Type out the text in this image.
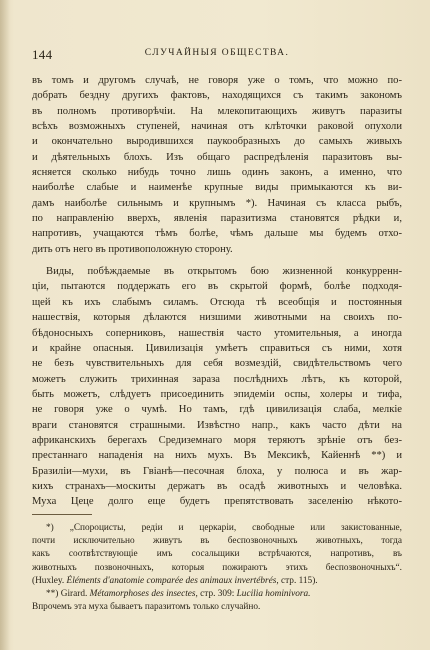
144	СЛУЧАЙНЫЯ ОБЩЕСТВА.
въ томъ и другомъ случаѣ, не говоря уже о томъ, что можно по-
добрать бездну другихъ фактовъ, находящихся съ такимъ закономъ
въ полномъ противорѣчіи. На млекопитающихъ живутъ паразиты
всѣхъ возможныхъ ступеней, начиная отъ клѣточки раковой опухоли
и окончательно выродившихся паукообразныхъ до самыхъ живыхъ
и дѣятельныхъ блохъ. Изъ общаго распредѣленія паразитовъ вы-
ясняется сколько нибудь точно лишь одинъ законъ, а именно, что
наиболѣе слабые и наименѣе крупные виды примыкаются къ ви-
дамъ наиболѣе сильнымъ и крупнымъ *). Начиная съ класса рыбъ,
по направленію вверхъ, явленія паразитизма становятся рѣдки и,
напротивъ, учащаются тѣмъ болѣе, чѣмъ дальше мы будемъ отхо-
дить отъ него въ противоположную сторону.
Виды, побѣждаемые въ открытомъ бою жизненной конкурренн-
ціи, пытаются поддержать его въ скрытой формѣ, болѣе подходя-
щей къ ихъ слабымъ силамъ. Отсюда тѣ всеобщія и постоянныя
нашествія, которыя дѣлаются низшими животными на своихъ по-
бѣдоносныхъ соперниковъ, нашествія часто утомительныя, а иногда
и крайне опасныя. Цивилизація умѣетъ справиться съ ними, хотя
не безъ чувствительныхъ для себя возмездій, свидѣтельствомъ чего
можетъ служить трихинная зараза послѣднихъ лѣтъ, къ которой,
быть можетъ, слѣдуетъ присоединить эпидеміи оспы, холеры и тифа,
не говоря уже о чумѣ. Но тамъ, гдѣ цивилизація слаба, мелкіе
враги становятся страшными. Извѣстно напр., какъ часто дѣти на
африканскихъ берегахъ Средиземнаго моря теряютъ зрѣніе отъ без-
престаннаго нападенія на нихъ мухъ. Въ Мексикѣ, Кайеннѣ **) и
Бразиліи—мухи, въ Гвіанѣ—песочная блоха, у полюса и въ жар-
кихъ странахъ—москиты держатъ въ осадѣ животныхъ и человѣка.
Муха Цеце долго еще будетъ препятствовать заселенію нѣкото-
*) „Спороцисты, редіи и церкаріи, свободные или закистованные,
почти исключительно живутъ въ беспозвоночныхъ животныхъ, тогда
какъ соотвѣтствующіе имъ сосальщики встрѣчаются, напротивъ, въ
животныхъ позвоночныхъ, которыя пожираютъ этихъ беспозвоночныхъ“.
(Huxley. Éléments d'anatomie comparée des animaux invertébrés, стр. 115).
**) Girard. Métamorphoses des insectes, стр. 309: Lucilia hominivora.
Впрочемъ эта муха бываетъ паразитомъ только случайно.
